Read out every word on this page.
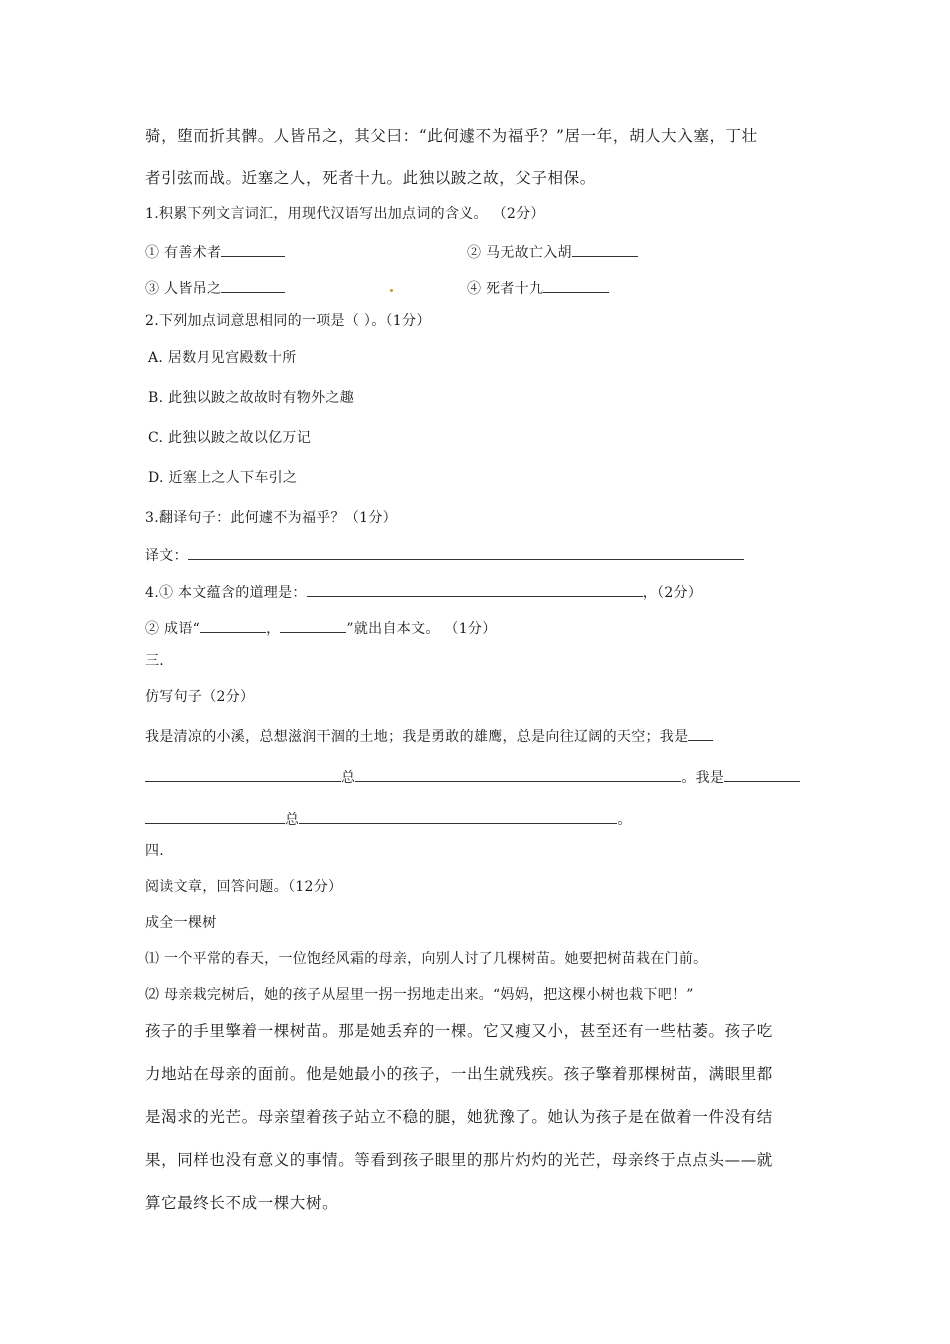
骑，堕而折其髀。人皆吊之，其父曰：“此何遽不为福乎？”居一年，胡人大入塞，丁壮
者引弦而战。近塞之人，死者十九。此独以跛之故，父子相保。
1.积累下列文言词汇，用现代汉语写出加点词的含义。 （2分）
① 有善术者	② 马无故亡入胡
③ 人皆吊之	④ 死者十九
2.下列加点词意思相同的一项是（ ）。（1分）
A. 居数月见宫殿数十所
B. 此独以跛之故故时有物外之趣
C. 此独以跛之故以亿万记
D. 近塞上之人下车引之
3.翻译句子：此何遽不为福乎？（1分）
译文：
4.① 本文蕴含的道理是：	，（2分）
② 成语“	，	”就出自本文。 （1分）
三.
仿写句子（2分）
我是清凉的小溪，总想滋润干涸的土地；我是勇敢的雄鹰，总是向往辽阔的天空；我是
总	。我是
总	。
四.
阅读文章，回答问题。（12分）
成全一棵树
⑴ 一个平常的春天，一位饱经风霜的母亲，向别人讨了几棵树苗。她要把树苗栽在门前。
⑵ 母亲栽完树后，她的孩子从屋里一拐一拐地走出来。“妈妈，把这棵小树也栽下吧！”
孩子的手里擎着一棵树苗。那是她丢弃的一棵。它又瘦又小，甚至还有一些枯萎。孩子吃
力地站在母亲的面前。他是她最小的孩子，一出生就残疾。孩子擎着那棵树苗，满眼里都
是渴求的光芒。母亲望着孩子站立不稳的腿，她犹豫了。她认为孩子是在做着一件没有结
果，同样也没有意义的事情。等看到孩子眼里的那片灼灼的光芒，母亲终于点点头——就
算它最终长不成一棵大树。
